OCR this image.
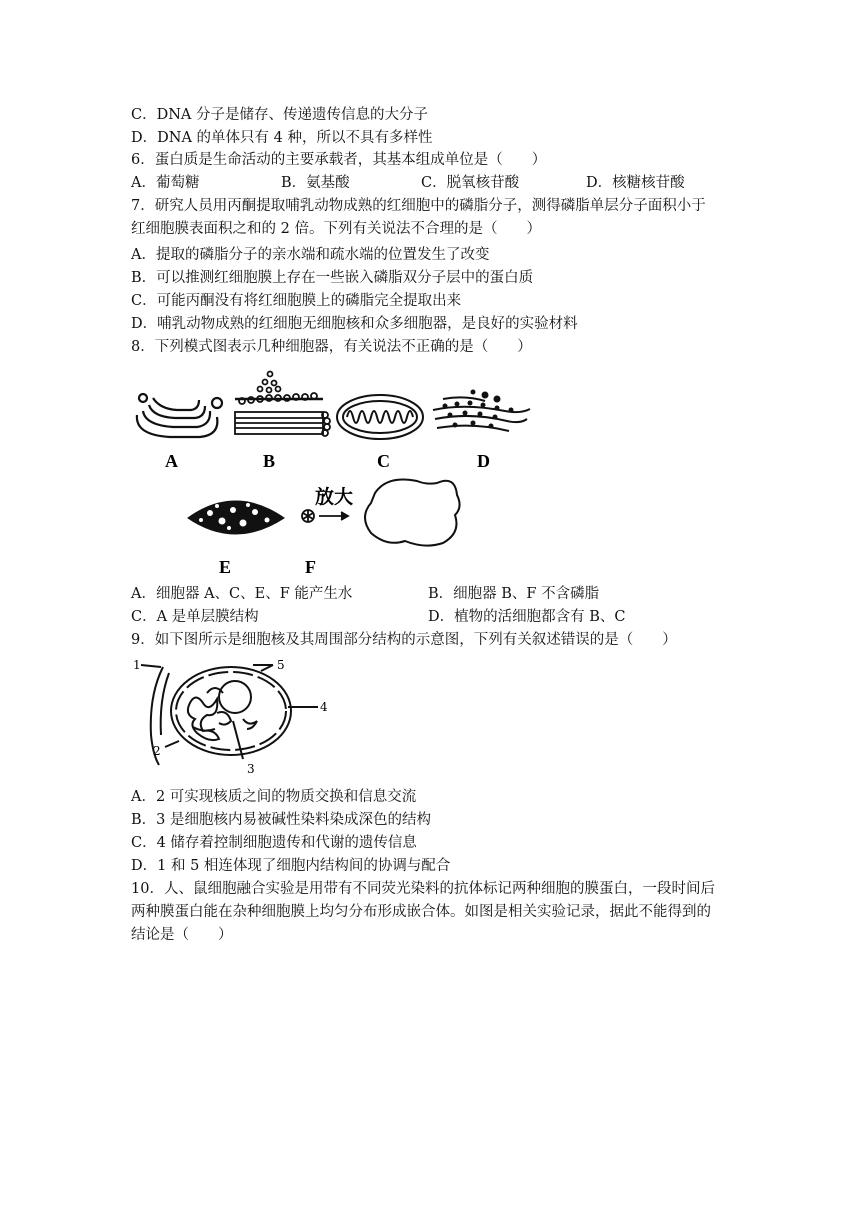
C．DNA 分子是储存、传递遗传信息的大分子
D．DNA 的单体只有 4 种，所以不具有多样性
6．蛋白质是生命活动的主要承载者，其基本组成单位是（　　）
A．葡萄糖	B．氨基酸	C．脱氧核苷酸	D．核糖核苷酸
7．研究人员用丙酮提取哺乳动物成熟的红细胞中的磷脂分子，测得磷脂单层分子面积小于
红细胞膜表面积之和的 2 倍。下列有关说法不合理的是（　　）
A．提取的磷脂分子的亲水端和疏水端的位置发生了改变
B．可以推测红细胞膜上存在一些嵌入磷脂双分子层中的蛋白质
C．可能丙酮没有将红细胞膜上的磷脂完全提取出来
D．哺乳动物成熟的红细胞无细胞核和众多细胞器，是良好的实验材料
8．下列模式图表示几种细胞器，有关说法不正确的是（　　）
A	B	C	D
E	F
放大
A．细胞器 A、C、E、F 能产生水	B．细胞器 B、F 不含磷脂
C．A 是单层膜结构	D．植物的活细胞都含有 B、C
9．如下图所示是细胞核及其周围部分结构的示意图，下列有关叙述错误的是（　　）
1	5
4
2
3
A．2 可实现核质之间的物质交换和信息交流
B．3 是细胞核内易被碱性染料染成深色的结构
C．4 储存着控制细胞遗传和代谢的遗传信息
D．1 和 5 相连体现了细胞内结构间的协调与配合
10．人、鼠细胞融合实验是用带有不同荧光染料的抗体标记两种细胞的膜蛋白，一段时间后
两种膜蛋白能在杂种细胞膜上均匀分布形成嵌合体。如图是相关实验记录，据此不能得到的
结论是（　　）
